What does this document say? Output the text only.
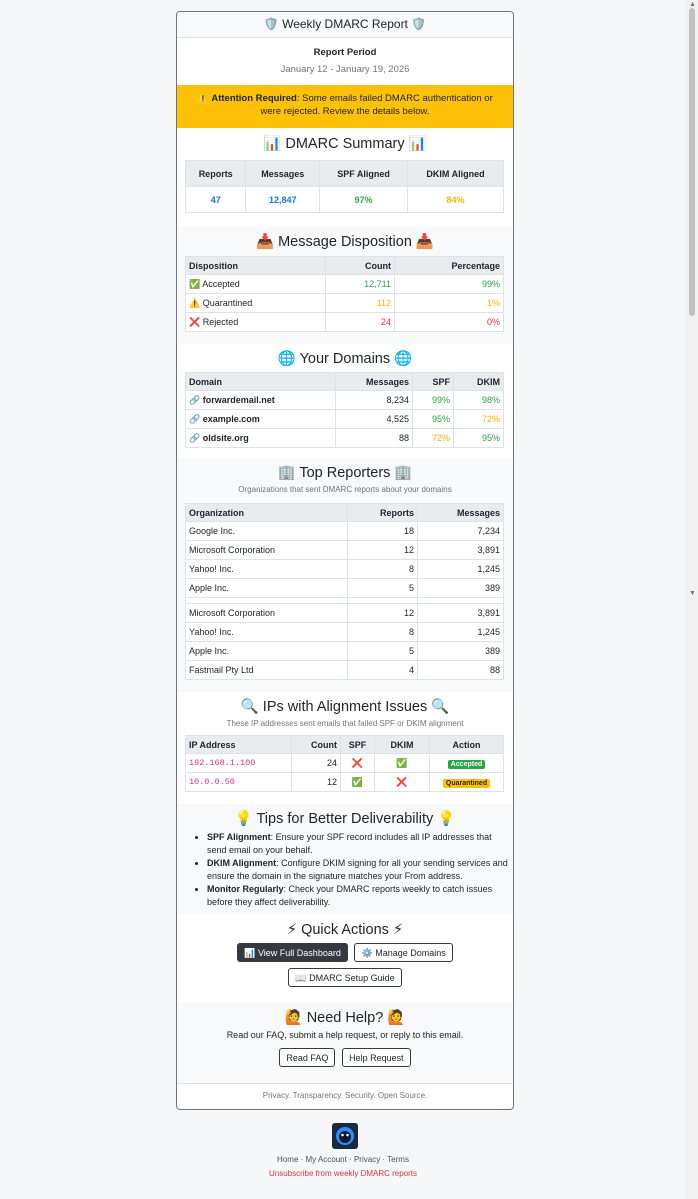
▲
▼
🛡️ Weekly DMARC Report 🛡️
Report Period
January 12 - January 19, 2026
⚠️ Attention Required: Some emails failed DMARC authentication or were rejected. Review the details below.
📊 DMARC Summary 📊
Reports	Messages	SPF Aligned	DKIM Aligned
47	12,847	97%	84%
📥 Message Disposition 📥
Disposition	Count	Percentage
✅ Accepted	12,711	99%
⚠️ Quarantined	112	1%
❌ Rejected	24	0%
🌐 Your Domains 🌐
Domain	Messages	SPF	DKIM
🔗 forwardemail.net	8,234	99%	98%
🔗 example.com	4,525	95%	72%
🔗 oldsite.org	88	72%	95%
🏢 Top Reporters 🏢
Organizations that sent DMARC reports about your domains
Organization	Reports	Messages
Google Inc.	18	7,234
Microsoft Corporation	12	3,891
Yahoo! Inc.	8	1,245
Apple Inc.	5	389

Microsoft Corporation	12	3,891
Yahoo! Inc.	8	1,245
Apple Inc.	5	389
Fastmail Pty Ltd	4	88
🔍 IPs with Alignment Issues 🔍
These IP addresses sent emails that failed SPF or DKIM alignment
IP Address	Count	SPF	DKIM	Action
192.168.1.100	24	❌	✅	Accepted
10.0.0.50	12	✅	❌	Quarantined
💡 Tips for Better Deliverability 💡
• SPF Alignment: Ensure your SPF record includes all IP addresses that send email on your behalf.
• DKIM Alignment: Configure DKIM signing for all your sending services and ensure the domain in the signature matches your From address.
• Monitor Regularly: Check your DMARC reports weekly to catch issues before they affect deliverability.
⚡ Quick Actions ⚡
📊 View Full Dashboard ⚙️ Manage Domains
📖 DMARC Setup Guide
🙋 Need Help? 🙋
Read our FAQ, submit a help request, or reply to this email.
Read FAQ Help Request
Privacy. Transparency. Security. Open Source.
Home · My Account · Privacy · Terms
Unsubscribe from weekly DMARC reports
